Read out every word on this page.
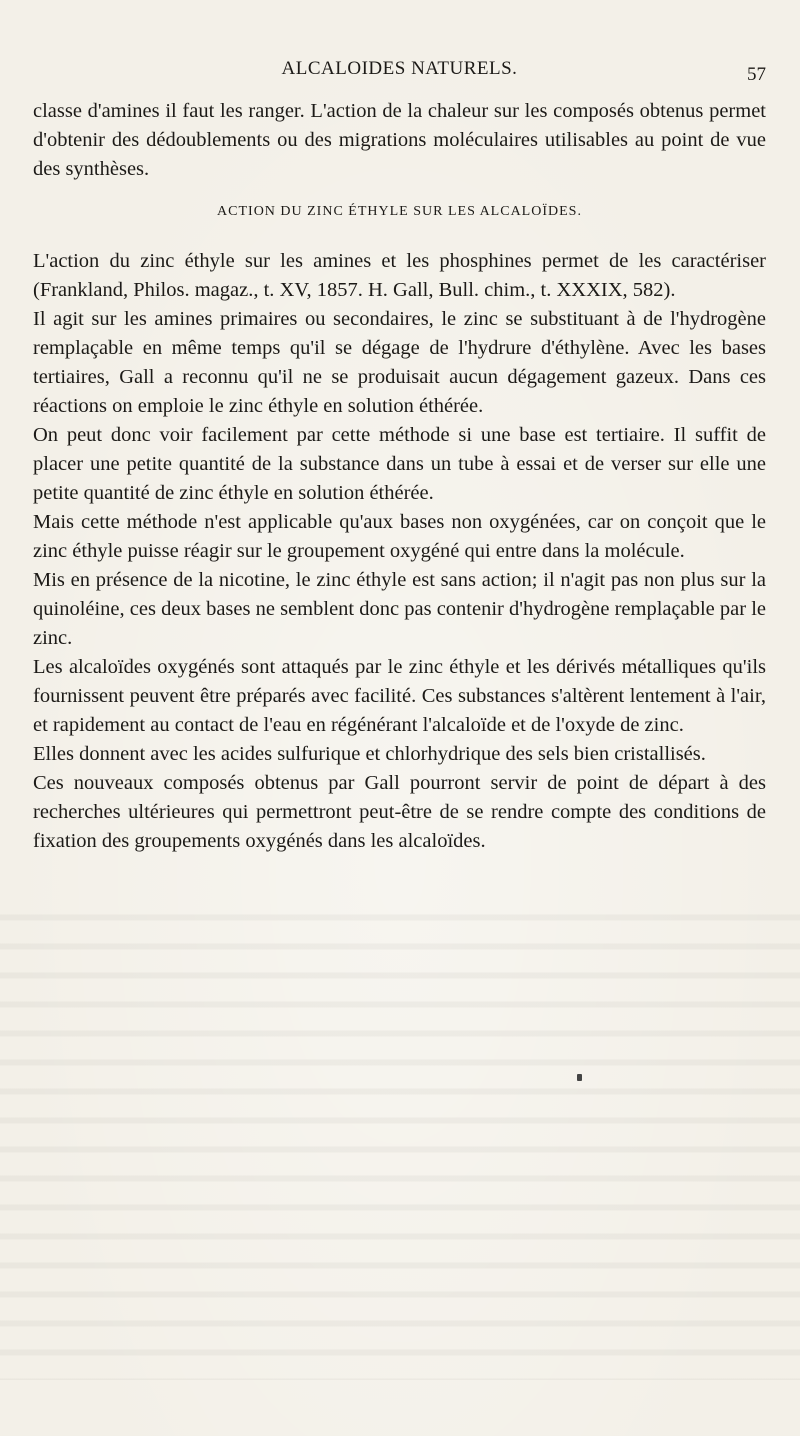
ALCALOIDES NATURELS.	57

classe d'amines il faut les ranger. L'action de la chaleur sur les composés obtenus permet d'obtenir des dédoublements ou des migrations moléculaires utilisables au point de vue des synthèses.

ACTION DU ZINC ÉTHYLE SUR LES ALCALOÏDES.

L'action du zinc éthyle sur les amines et les phosphines permet de les caractériser (Frankland, Philos. magaz., t. XV, 1857. H. Gall, Bull. chim., t. XXXIX, 582).

Il agit sur les amines primaires ou secondaires, le zinc se substituant à de l'hydrogène remplaçable en même temps qu'il se dégage de l'hydrure d'éthylène. Avec les bases tertiaires, Gall a reconnu qu'il ne se produisait aucun dégagement gazeux. Dans ces réactions on emploie le zinc éthyle en solution éthérée.

On peut donc voir facilement par cette méthode si une base est tertiaire. Il suffit de placer une petite quantité de la substance dans un tube à essai et de verser sur elle une petite quantité de zinc éthyle en solution éthérée.

Mais cette méthode n'est applicable qu'aux bases non oxygénées, car on conçoit que le zinc éthyle puisse réagir sur le groupement oxygéné qui entre dans la molécule.

Mis en présence de la nicotine, le zinc éthyle est sans action; il n'agit pas non plus sur la quinoléine, ces deux bases ne semblent donc pas contenir d'hydrogène remplaçable par le zinc.

Les alcaloïdes oxygénés sont attaqués par le zinc éthyle et les dérivés métalliques qu'ils fournissent peuvent être préparés avec facilité. Ces substances s'altèrent lentement à l'air, et rapidement au contact de l'eau en régénérant l'alcaloïde et de l'oxyde de zinc.

Elles donnent avec les acides sulfurique et chlorhydrique des sels bien cristallisés.

Ces nouveaux composés obtenus par Gall pourront servir de point de départ à des recherches ultérieures qui permettront peut-être de se rendre compte des conditions de fixation des groupements oxygénés dans les alcaloïdes.
